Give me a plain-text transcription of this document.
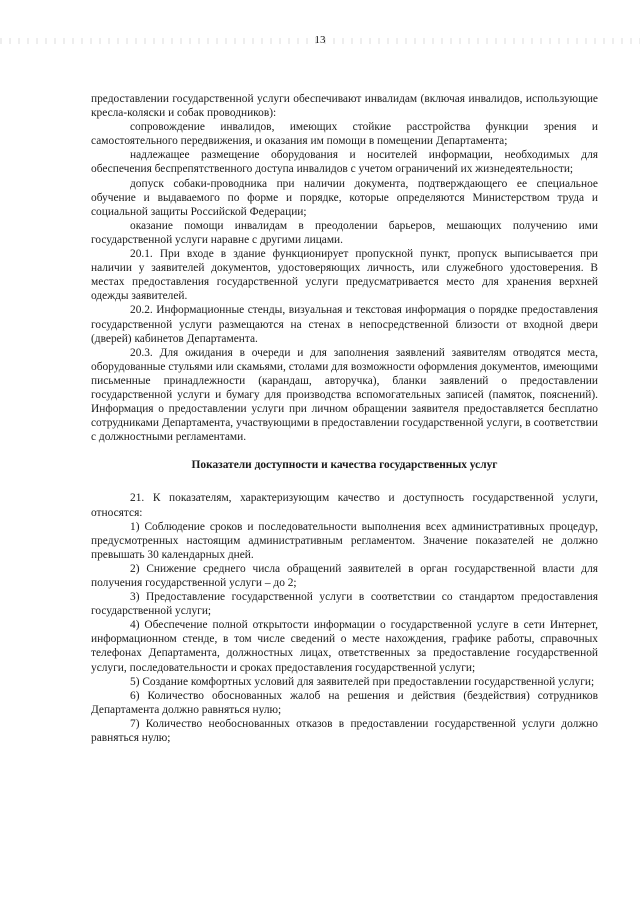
13

предоставлении государственной услуги обеспечивают инвалидам (включая инвалидов, использующие кресла-коляски и собак проводников):

сопровождение инвалидов, имеющих стойкие расстройства функции зрения и самостоятельного передвижения, и оказания им помощи в помещении Департамента;

надлежащее размещение оборудования и носителей информации, необходимых для обеспечения беспрепятственного доступа инвалидов с учетом ограничений их жизнедеятельности;

допуск собаки-проводника при наличии документа, подтверждающего ее специальное обучение и выдаваемого по форме и порядке, которые определяются Министерством труда и социальной защиты Российской Федерации;

оказание помощи инвалидам в преодолении барьеров, мешающих получению ими государственной услуги наравне с другими лицами.

20.1. При входе в здание функционирует пропускной пункт, пропуск выписывается при наличии у заявителей документов, удостоверяющих личность, или служебного удостоверения. В местах предоставления государственной услуги предусматривается место для хранения верхней одежды заявителей.

20.2. Информационные стенды, визуальная и текстовая информация о порядке предоставления государственной услуги размещаются на стенах в непосредственной близости от входной двери (дверей) кабинетов Департамента.

20.3. Для ожидания в очереди и для заполнения заявлений заявителям отводятся места, оборудованные стульями или скамьями, столами для возможности оформления документов, имеющими письменные принадлежности (карандаш, авторучка), бланки заявлений о предоставлении государственной услуги и бумагу для производства вспомогательных записей (памяток, пояснений). Информация о предоставлении услуги при личном обращении заявителя предоставляется бесплатно сотрудниками Департамента, участвующими в предоставлении государственной услуги, в соответствии с должностными регламентами.

Показатели доступности и качества государственных услуг

21. К показателям, характеризующим качество и доступность государственной услуги, относятся:

1) Соблюдение сроков и последовательности выполнения всех административных процедур, предусмотренных настоящим административным регламентом. Значение показателей не должно превышать 30 календарных дней.

2) Снижение среднего числа обращений заявителей в орган государственной власти для получения государственной услуги – до 2;

3) Предоставление государственной услуги в соответствии со стандартом предоставления государственной услуги;

4) Обеспечение полной открытости информации о государственной услуге в сети Интернет, информационном стенде, в том числе сведений о месте нахождения, графике работы, справочных телефонах Департамента, должностных лицах, ответственных за предоставление государственной услуги, последовательности и сроках предоставления государственной услуги;

5) Создание комфортных условий для заявителей при предоставлении государственной услуги;

6) Количество обоснованных жалоб на решения и действия (бездействия) сотрудников Департамента должно равняться нулю;

7) Количество необоснованных отказов в предоставлении государственной услуги должно равняться нулю;
